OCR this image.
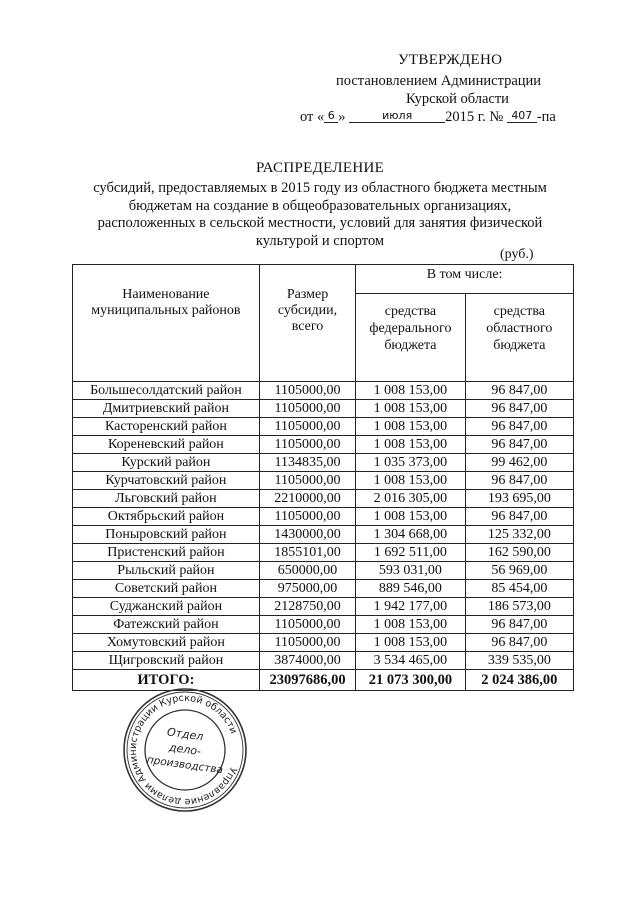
УТВЕРЖДЕНО
постановлением Администрации
Курской области
от « 6 »	июля 2015 г. № 407 -па
РАСПРЕДЕЛЕНИЕ
субсидий, предоставляемых в 2015 году из областного бюджета местным бюджетам на создание в общеобразовательных организациях, расположенных в сельской местности, условий для занятия физической культурой и спортом
(руб.)
Наименование муниципальных районов	Размер субсидии, всего	В том числе:	
		средства федерального бюджета	средства областного бюджета
Большесолдатский район	1105000,00	1 008 153,00	96 847,00
Дмитриевский район	1105000,00	1 008 153,00	96 847,00
Касторенский район	1105000,00	1 008 153,00	96 847,00
Кореневский район	1105000,00	1 008 153,00	96 847,00
Курский район	1134835,00	1 035 373,00	99 462,00
Курчатовский район	1105000,00	1 008 153,00	96 847,00
Льговский район	2210000,00	2 016 305,00	193 695,00
Октябрьский район	1105000,00	1 008 153,00	96 847,00
Поныровский район	1430000,00	1 304 668,00	125 332,00
Пристенский район	1855101,00	1 692 511,00	162 590,00
Рыльский район	650000,00	593 031,00	56 969,00
Советский район	975000,00	889 546,00	85 454,00
Суджанский район	2128750,00	1 942 177,00	186 573,00
Фатежский район	1105000,00	1 008 153,00	96 847,00
Хомутовский район	1105000,00	1 008 153,00	96 847,00
Щигровский район	3874000,00	3 534 465,00	339 535,00
ИТОГО:	23097686,00	21 073 300,00	2 024 386,00
Управление делами Администрации Курской области
Отдел
дело-
производства
